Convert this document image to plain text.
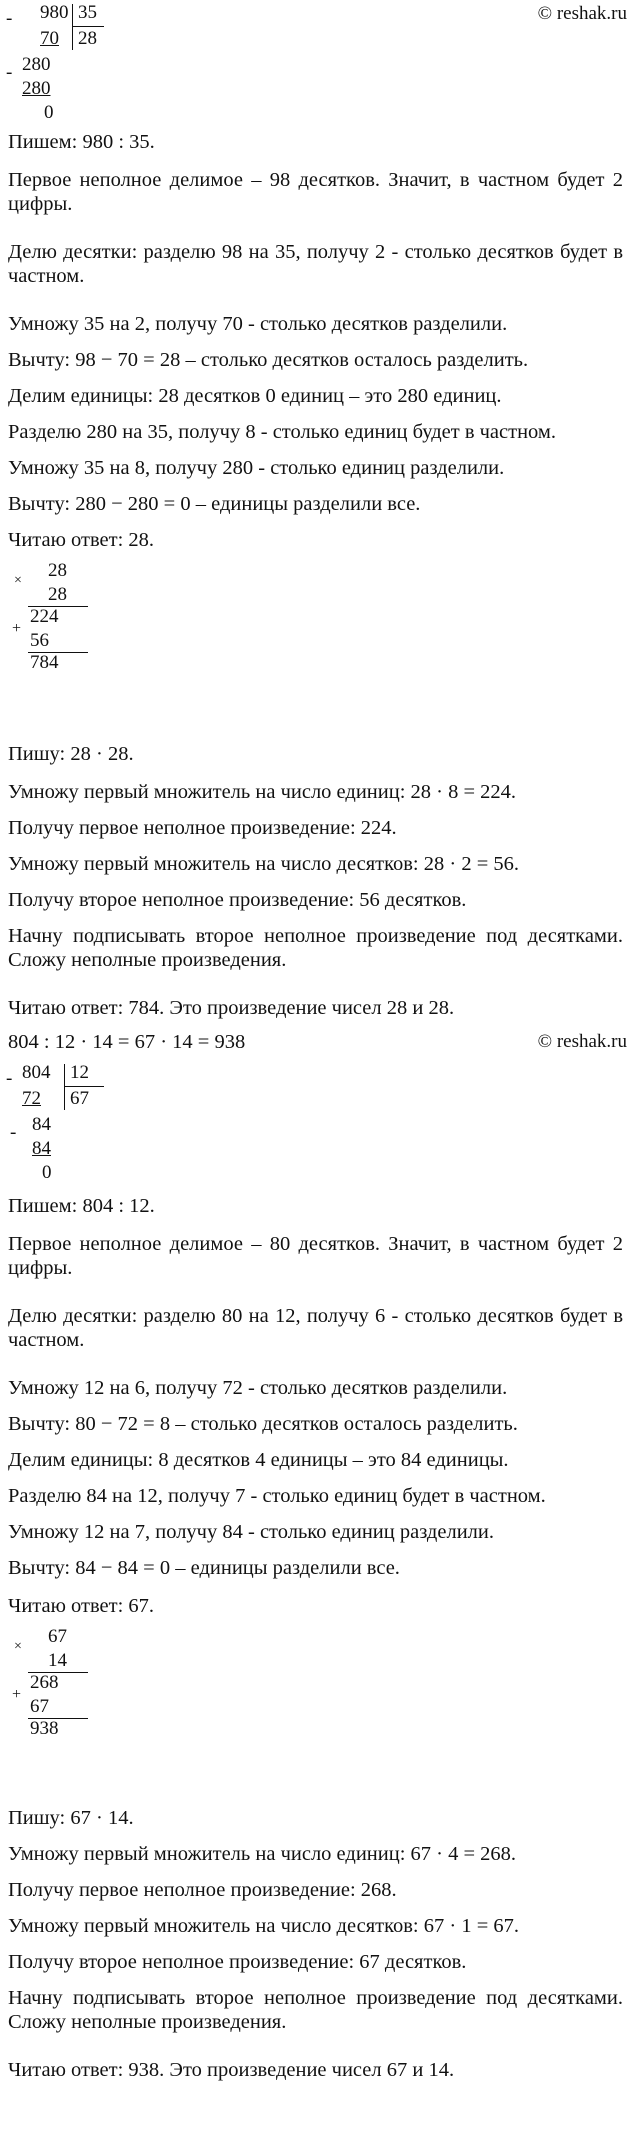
© reshak.ru
- 980 35
28
70
- 280
280
0
Пишем: 980 : 35.
Первое неполное делимое – 98 десятков. Значит, в частном будет 2 цифры.
Делю десятки: разделю 98 на 35, получу 2 - столько десятков будет в частном.
Умножу 35 на 2, получу 70 - столько десятков разделили.
Вычту: 98 − 70 = 28 – столько десятков осталось разделить.
Делим единицы: 28 десятков 0 единиц – это 280 единиц.
Разделю 280 на 35, получу 8 - столько единиц будет в частном.
Умножу 35 на 8, получу 280 - столько единиц разделили.
Вычту: 280 − 280 = 0 – единицы разделили все.
Читаю ответ: 28.
× 28
28
+
224
56
784
Пишу: 28 · 28.
Умножу первый множитель на число единиц: 28 · 8 = 224.
Получу первое неполное произведение: 224.
Умножу первый множитель на число десятков: 28 · 2 = 56.
Получу второе неполное произведение: 56 десятков.
Начну подписывать второе неполное произведение под десятками. Сложу неполные произведения.
Читаю ответ: 784. Это произведение чисел 28 и 28.
804 : 12 · 14 = 67 · 14 = 938	© reshak.ru
- 804 12
67
72
- 84
84
0
Пишем: 804 : 12.
Первое неполное делимое – 80 десятков. Значит, в частном будет 2 цифры.
Делю десятки: разделю 80 на 12, получу 6 - столько десятков будет в частном.
Умножу 12 на 6, получу 72 - столько десятков разделили.
Вычту: 80 − 72 = 8 – столько десятков осталось разделить.
Делим единицы: 8 десятков 4 единицы – это 84 единицы.
Разделю 84 на 12, получу 7 - столько единиц будет в частном.
Умножу 12 на 7, получу 84 - столько единиц разделили.
Вычту: 84 − 84 = 0 – единицы разделили все.
Читаю ответ: 67.
× 67
14
+
268
67
938
Пишу: 67 · 14.
Умножу первый множитель на число единиц: 67 · 4 = 268.
Получу первое неполное произведение: 268.
Умножу первый множитель на число десятков: 67 · 1 = 67.
Получу второе неполное произведение: 67 десятков.
Начну подписывать второе неполное произведение под десятками. Сложу неполные произведения.
Читаю ответ: 938. Это произведение чисел 67 и 14.
